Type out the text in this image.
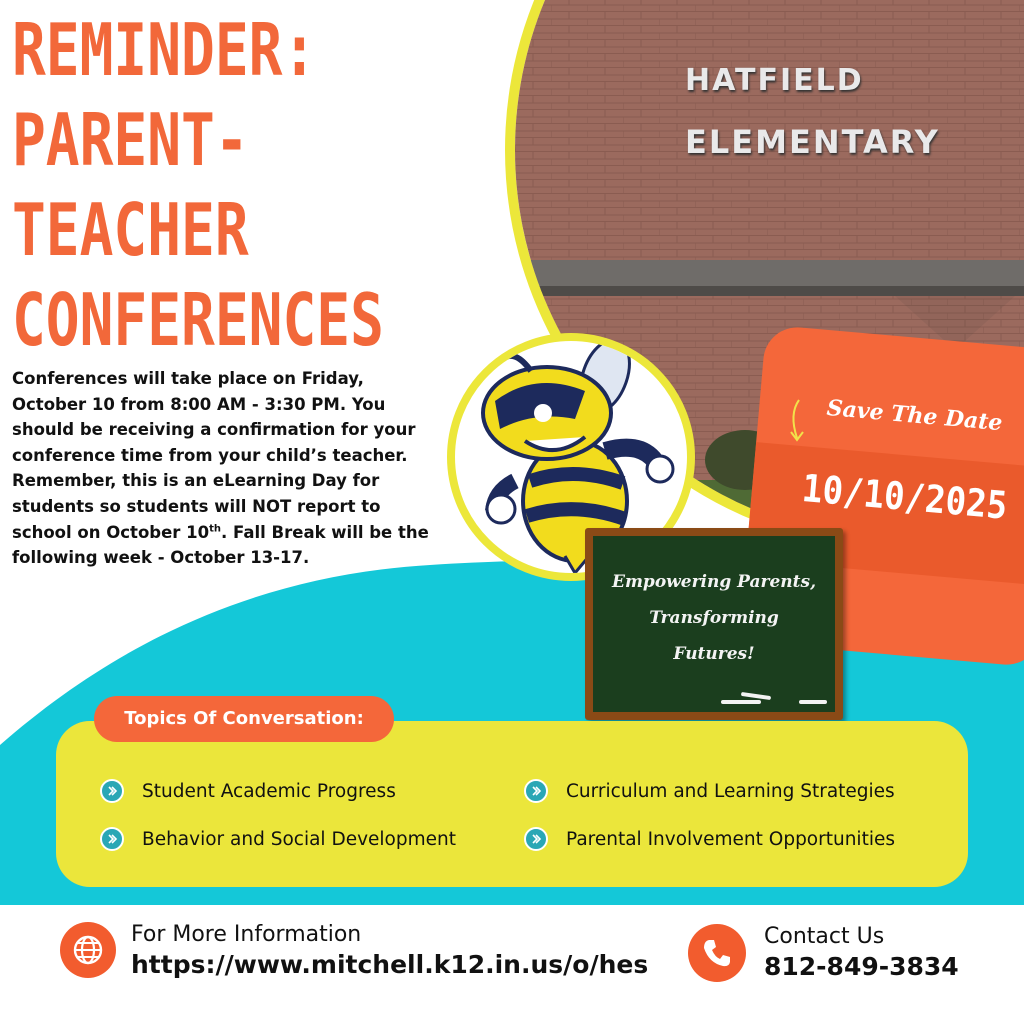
HATFIELD
ELEMENTARY
REMINDER:
PARENT-
TEACHER
CONFERENCES
Conferences will take place on Friday, October 10 from 8:00 AM - 3:30 PM. You should be receiving a confirmation for your conference time from your child’s teacher. Remember, this is an eLearning Day for students so students will NOT report to school on October 10th. Fall Break will be the following week - October 13-17.
Save The Date
10/10/2025
Empowering Parents,
Transforming
Futures!
Topics Of Conversation:
Student Academic Progress
Behavior and Social Development
Curriculum and Learning Strategies
Parental Involvement Opportunities
For More Information
https://www.mitchell.k12.in.us/o/hes
Contact Us
812-849-3834
